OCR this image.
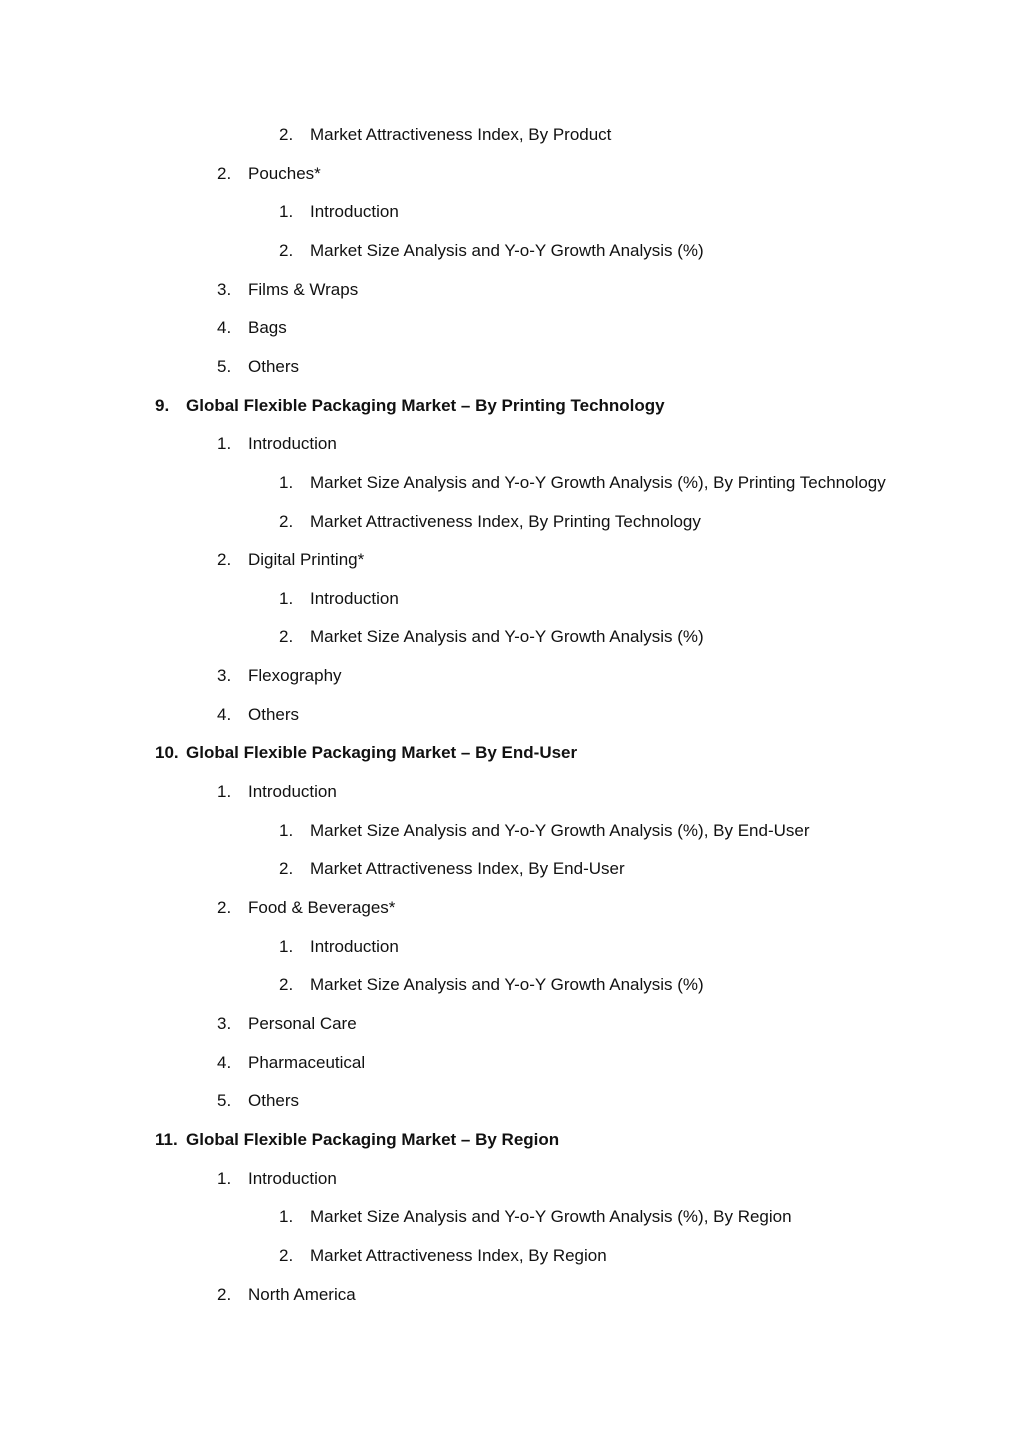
2. Market Attractiveness Index, By Product
2. Pouches*
1. Introduction
2. Market Size Analysis and Y-o-Y Growth Analysis (%)
3. Films & Wraps
4. Bags
5. Others
9. Global Flexible Packaging Market – By Printing Technology
1. Introduction
1. Market Size Analysis and Y-o-Y Growth Analysis (%), By Printing Technology
2. Market Attractiveness Index, By Printing Technology
2. Digital Printing*
1. Introduction
2. Market Size Analysis and Y-o-Y Growth Analysis (%)
3. Flexography
4. Others
10. Global Flexible Packaging Market – By End-User
1. Introduction
1. Market Size Analysis and Y-o-Y Growth Analysis (%), By End-User
2. Market Attractiveness Index, By End-User
2. Food & Beverages*
1. Introduction
2. Market Size Analysis and Y-o-Y Growth Analysis (%)
3. Personal Care
4. Pharmaceutical
5. Others
11. Global Flexible Packaging Market – By Region
1. Introduction
1. Market Size Analysis and Y-o-Y Growth Analysis (%), By Region
2. Market Attractiveness Index, By Region
2. North America
